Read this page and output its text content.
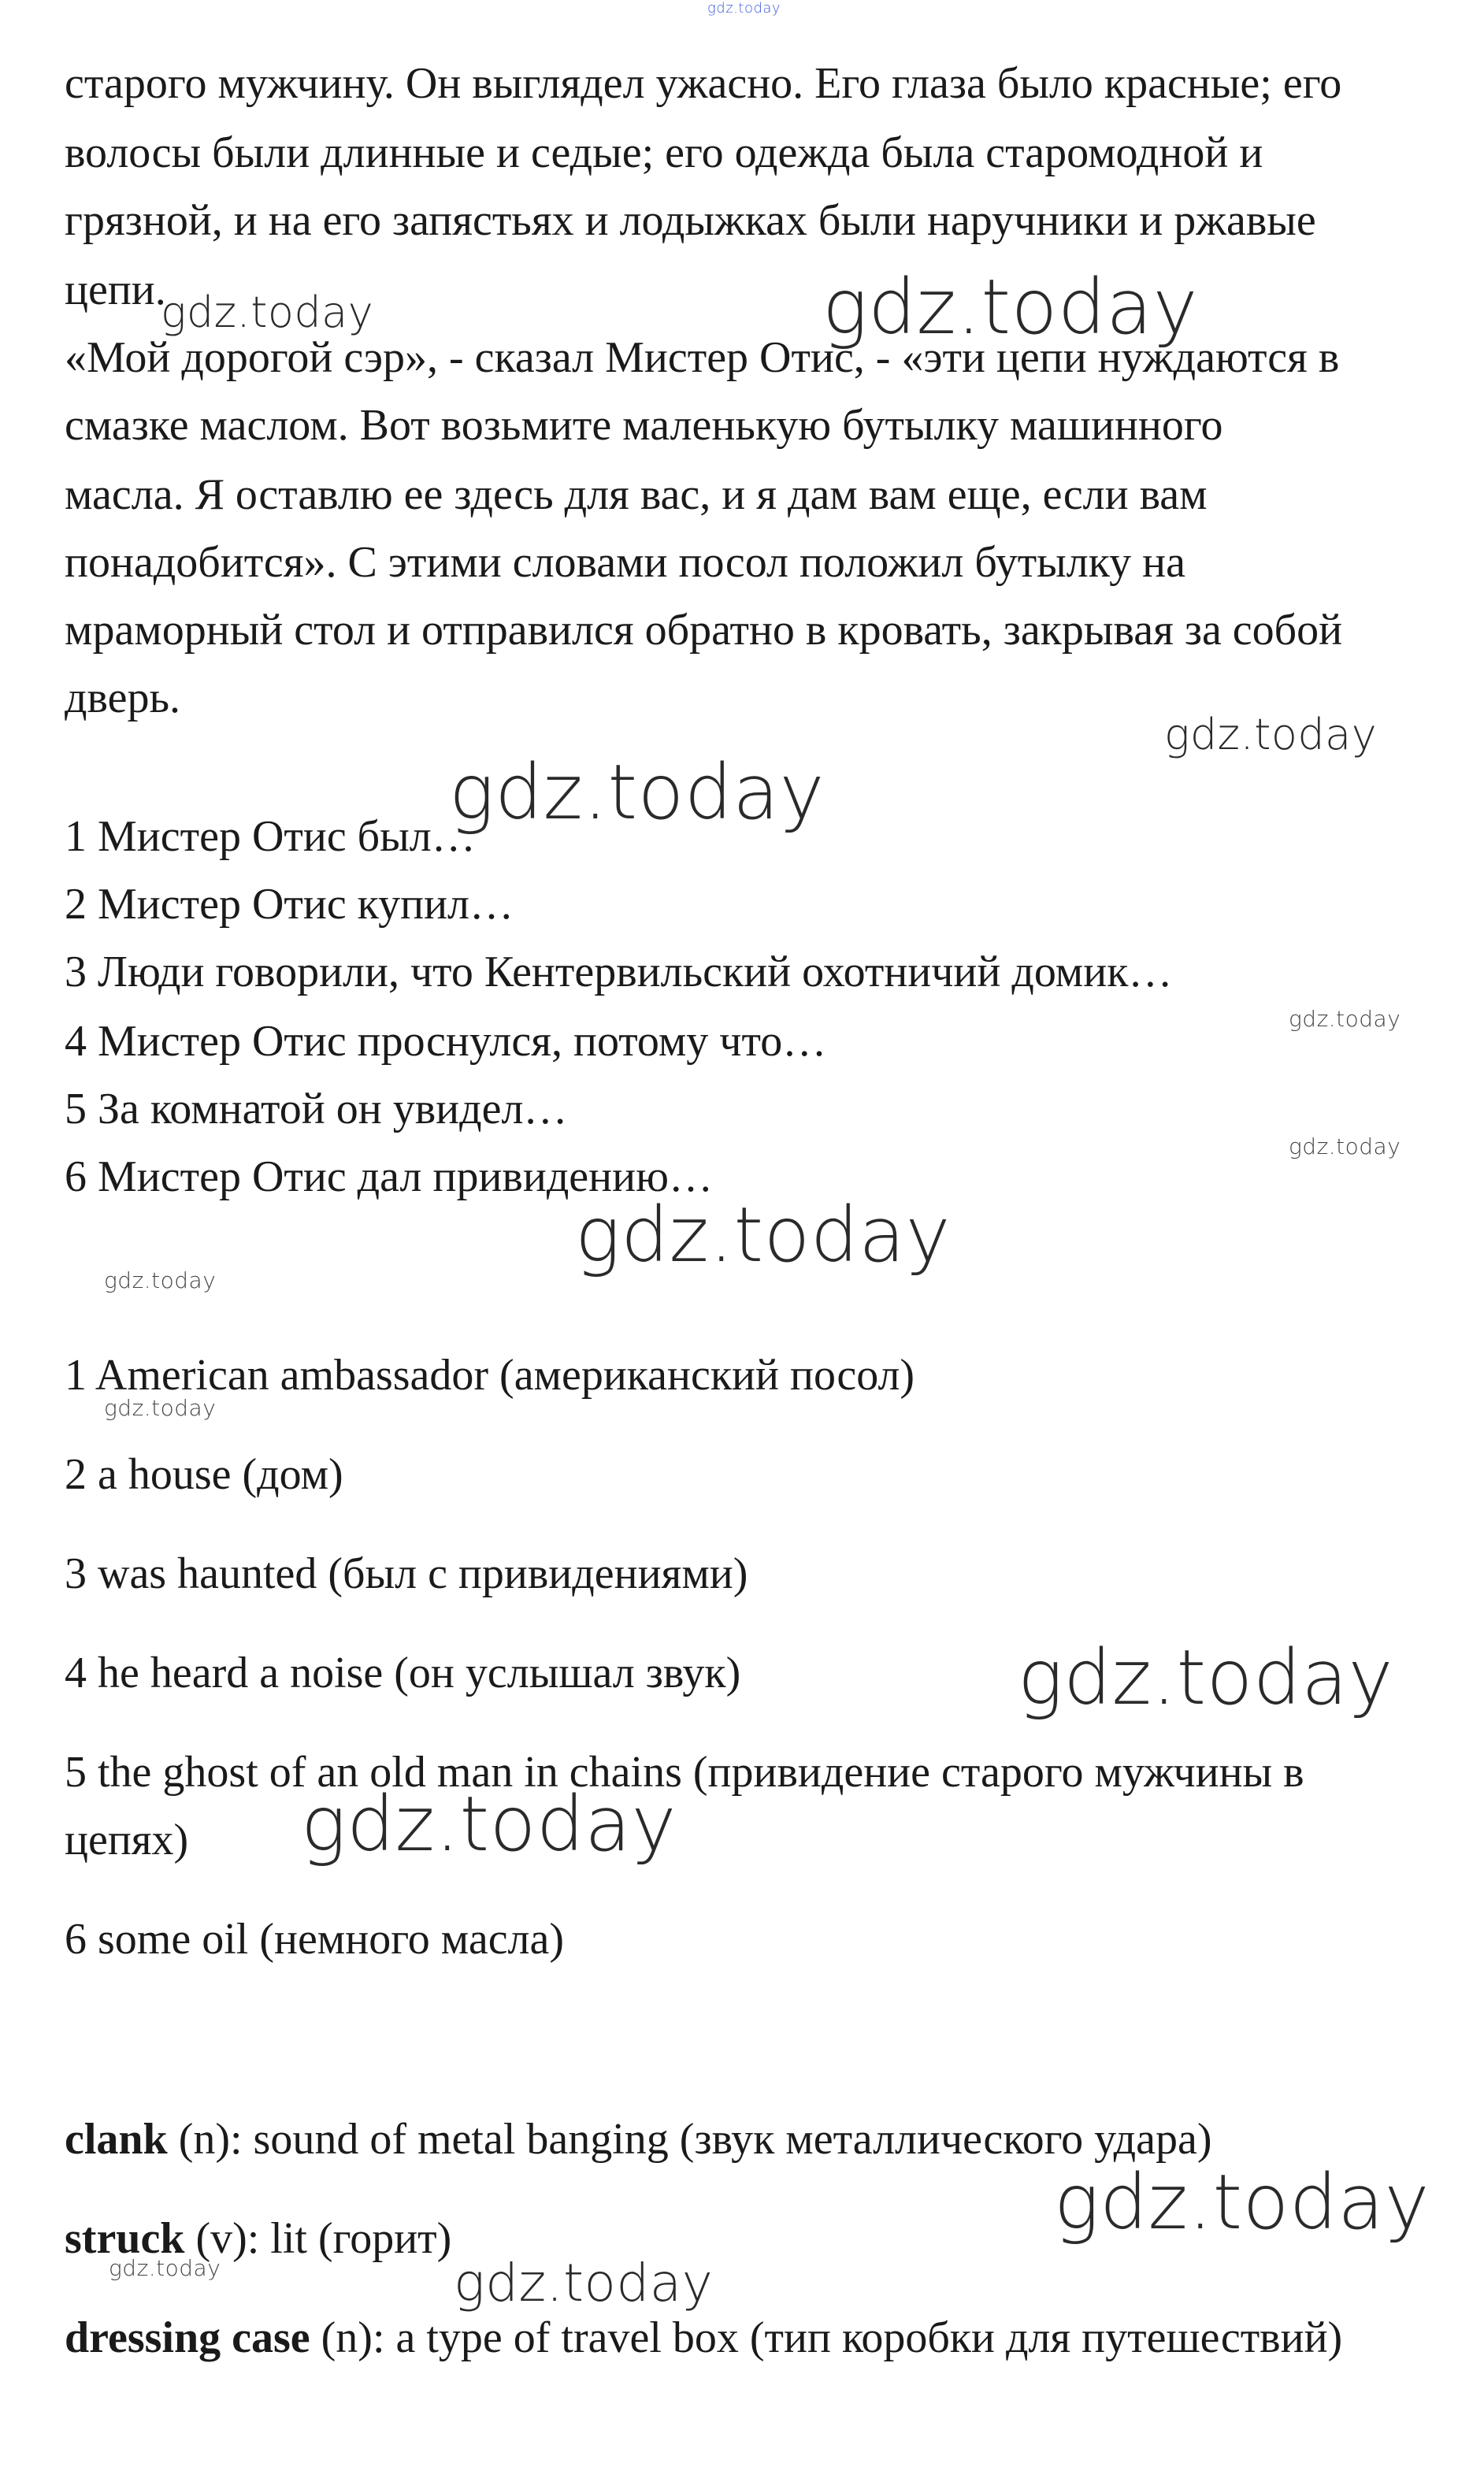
gdz.today
старого мужчину. Он выглядел ужасно. Его глаза было красные; его
волосы были длинные и седые; его одежда была старомодной и
грязной, и на его запястьях и лодыжках были наручники и ржавые
цепи.
«Мой дорогой сэр», - сказал Мистер Отис, - «эти цепи нуждаются в
смазке маслом. Вот возьмите маленькую бутылку машинного
масла. Я оставлю ее здесь для вас, и я дам вам еще, если вам
понадобится». С этими словами посол положил бутылку на
мраморный стол и отправился обратно в кровать, закрывая за собой
дверь.
1 Мистер Отис был…
2 Мистер Отис купил…
3 Люди говорили, что Кентервильский охотничий домик…
4 Мистер Отис проснулся, потому что…
5 За комнатой он увидел…
6 Мистер Отис дал привидению…
1 American ambassador (американский посол)
2 a house (дом)
3 was haunted (был с привидениями)
4 he heard a noise (он услышал звук)
5 the ghost of an old man in chains (привидение старого мужчины в
цепях)
6 some oil (немного масла)
clank (n): sound of metal banging (звук металлического удара)
struck (v): lit (горит)
dressing case (n): a type of travel box (тип коробки для путешествий)
gdz.today	gdz.today
gdz.today
gdz.today
gdz.today
gdz.today
gdz.today
gdz.today
gdz.today
gdz.today
gdz.today
gdz.today
gdz.today	gdz.today
